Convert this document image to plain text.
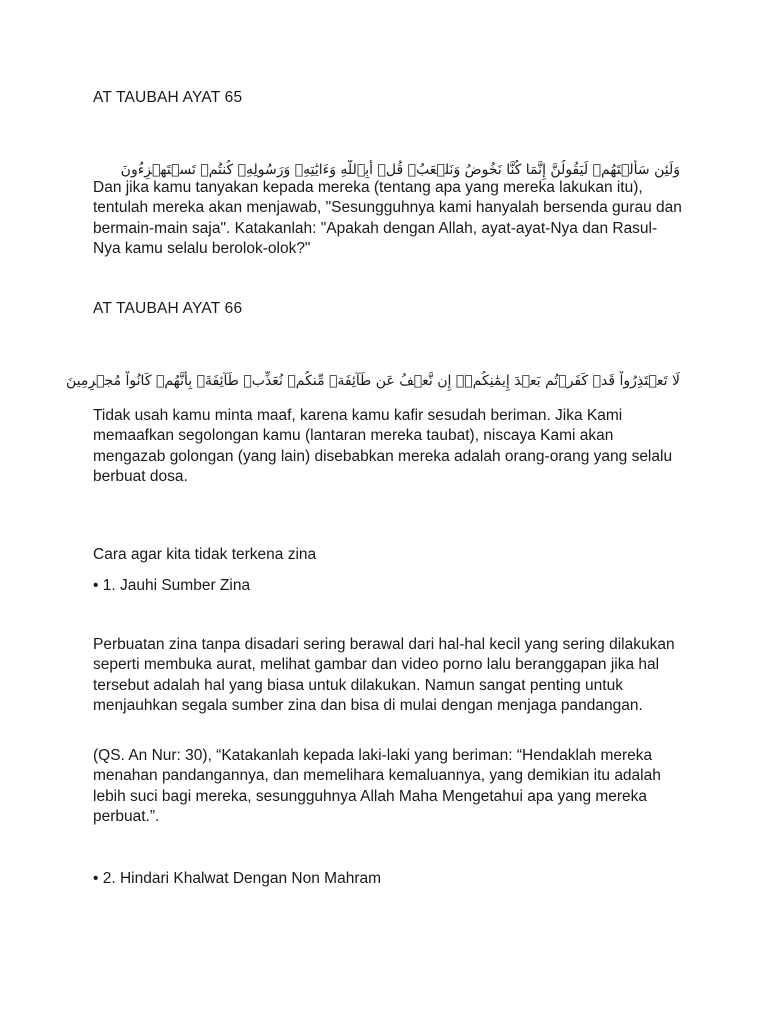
AT TAUBAH AYAT 65

وَلَئِن سَأَلۡتَهُمۡ لَيَقُولُنَّ إِنَّمَا كُنَّا نَخُوضُ وَنَلۡعَبُۚ قُلۡ أَبِٱللَّهِ وَءَايَٰتِهِۦ وَرَسُولِهِۦ كُنتُمۡ تَسۡتَهۡزِءُونَ

Dan jika kamu tanyakan kepada mereka (tentang apa yang mereka lakukan itu), tentulah mereka akan menjawab, "Sesungguhnya kami hanyalah bersenda gurau dan bermain-main saja". Katakanlah: "Apakah dengan Allah, ayat-ayat-Nya dan Rasul-Nya kamu selalu berolok-olok?"

AT TAUBAH AYAT 66

لَا تَعۡتَذِرُواْ قَدۡ كَفَرۡتُم بَعۡدَ إِيمَٰنِكُمۡۚ إِن نَّعۡفُ عَن طَآئِفَةٖ مِّنكُمۡ نُعَذِّبۡ طَآئِفَةَۢ بِأَنَّهُمۡ كَانُواْ مُجۡرِمِينَ

Tidak usah kamu minta maaf, karena kamu kafir sesudah beriman. Jika Kami memaafkan segolongan kamu (lantaran mereka taubat), niscaya Kami akan mengazab golongan (yang lain) disebabkan mereka adalah orang-orang yang selalu berbuat dosa.

Cara agar kita tidak terkena zina

• 1. Jauhi Sumber Zina

Perbuatan zina tanpa disadari sering berawal dari hal-hal kecil yang sering dilakukan seperti membuka aurat, melihat gambar dan video porno lalu beranggapan jika hal tersebut adalah hal yang biasa untuk dilakukan. Namun sangat penting untuk menjauhkan segala sumber zina dan bisa di mulai dengan menjaga pandangan.

(QS. An Nur: 30), “Katakanlah kepada laki-laki yang beriman: “Hendaklah mereka menahan pandangannya, dan memelihara kemaluannya, yang demikian itu adalah lebih suci bagi mereka, sesungguhnya Allah Maha Mengetahui apa yang mereka perbuat.”.

• 2. Hindari Khalwat Dengan Non Mahram
